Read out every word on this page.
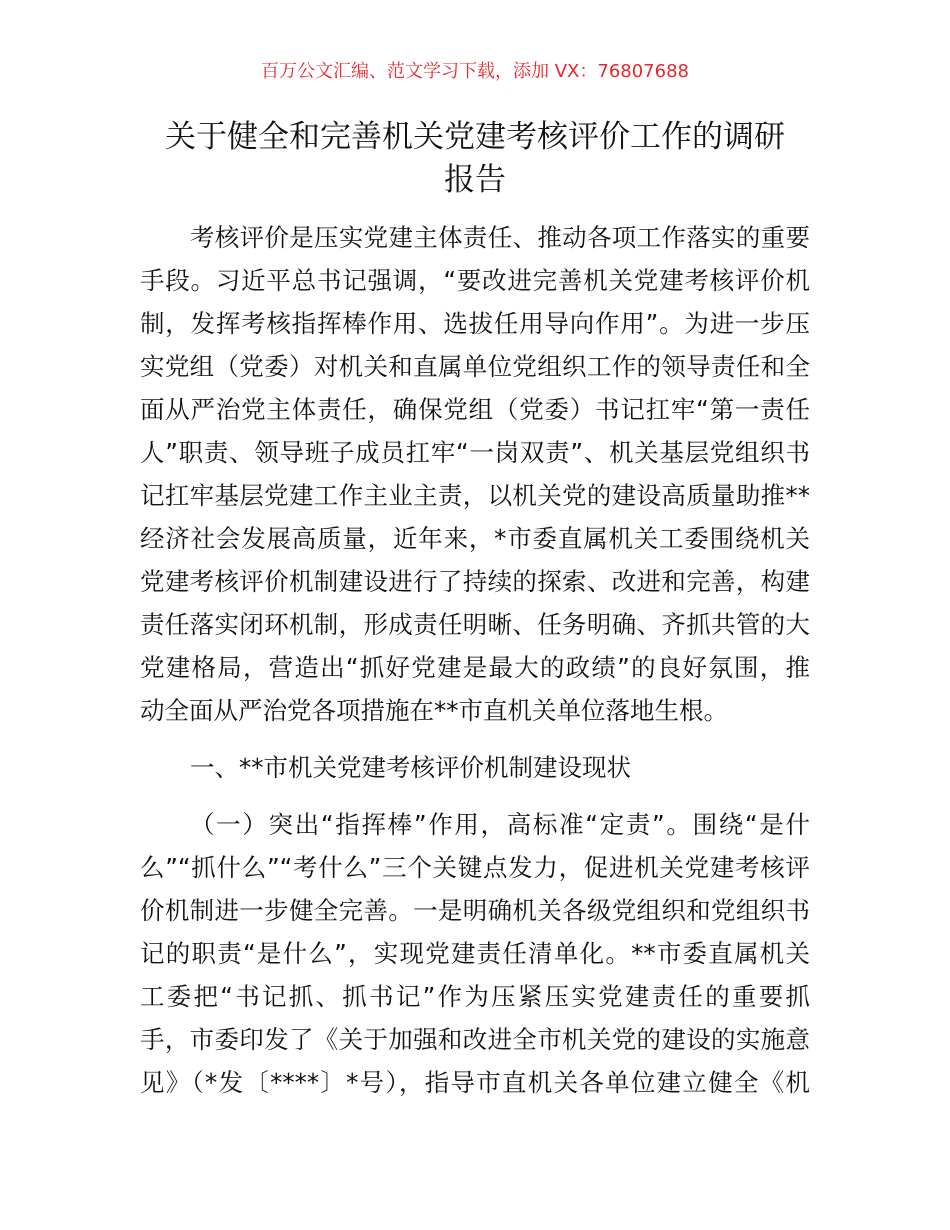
百万公文汇编、范文学习下载，添加 VX：76807688
关于健全和完善机关党建考核评价工作的调研
报告
考核评价是压实党建主体责任、推动各项工作落实的重要
手段。习近平总书记强调，“要改进完善机关党建考核评价机
制，发挥考核指挥棒作用、选拔任用导向作用”。为进一步压
实党组（党委）对机关和直属单位党组织工作的领导责任和全
面从严治党主体责任，确保党组（党委）书记扛牢“第一责任
人”职责、领导班子成员扛牢“一岗双责”、机关基层党组织书
记扛牢基层党建工作主业主责，以机关党的建设高质量助推**
经济社会发展高质量，近年来，*市委直属机关工委围绕机关
党建考核评价机制建设进行了持续的探索、改进和完善，构建
责任落实闭环机制，形成责任明晰、任务明确、齐抓共管的大
党建格局，营造出“抓好党建是最大的政绩”的良好氛围，推
动全面从严治党各项措施在**市直机关单位落地生根。
一、**市机关党建考核评价机制建设现状
（一）突出“指挥棒”作用，高标准“定责”。围绕“是什
么”“抓什么”“考什么”三个关键点发力，促进机关党建考核评
价机制进一步健全完善。一是明确机关各级党组织和党组织书
记的职责“是什么”，实现党建责任清单化。**市委直属机关
工委把“书记抓、抓书记”作为压紧压实党建责任的重要抓
手，市委印发了《关于加强和改进全市机关党的建设的实施意
见》（*发〔****〕*号），指导市直机关各单位建立健全《机
